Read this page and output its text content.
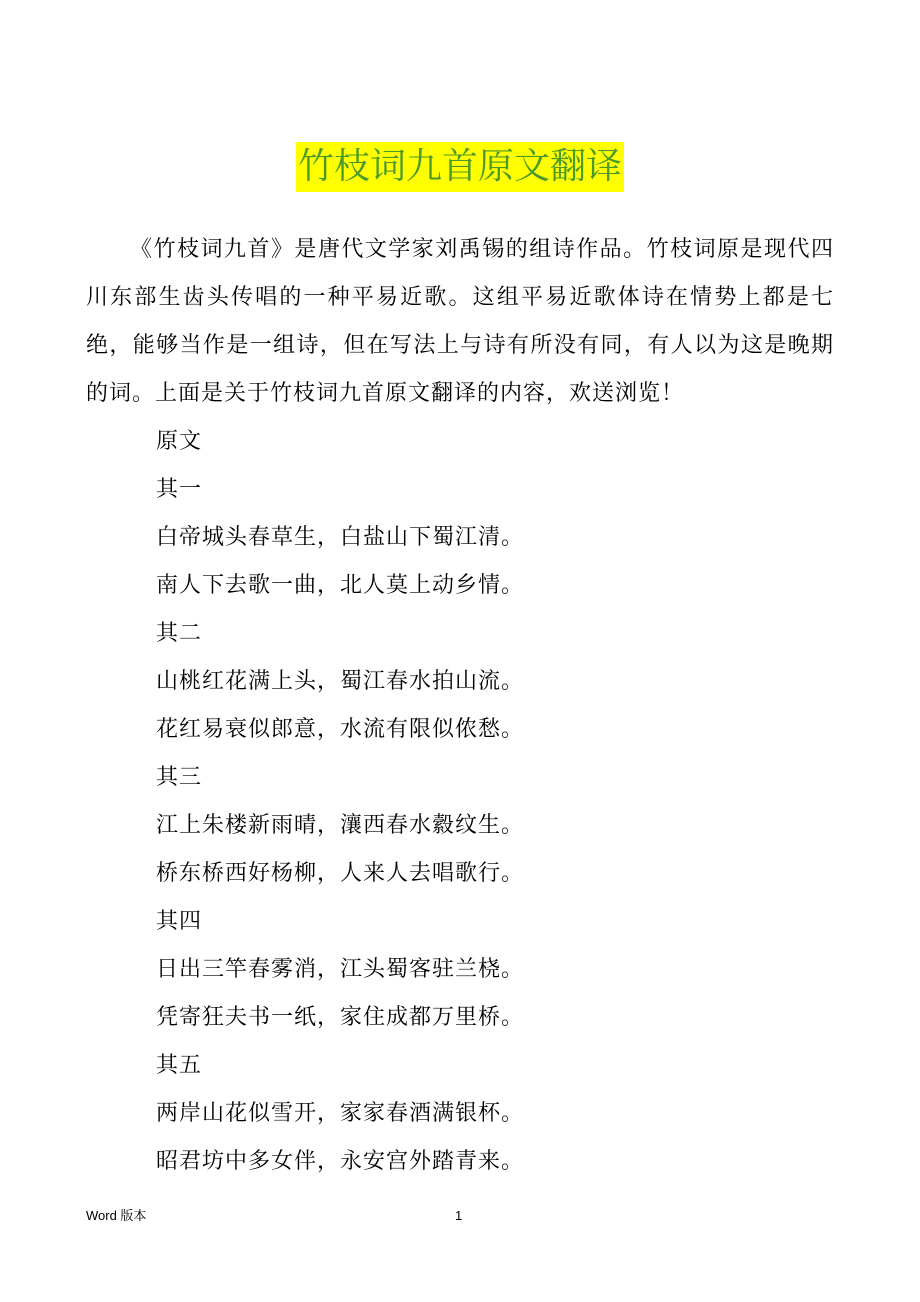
竹枝词九首原文翻译

《竹枝词九首》是唐代文学家刘禹锡的组诗作品。竹枝词原是现代四川东部生齿头传唱的一种平易近歌。这组平易近歌体诗在情势上都是七绝，能够当作是一组诗，但在写法上与诗有所没有同，有人以为这是晚期的词。上面是关于竹枝词九首原文翻译的内容，欢送浏览！

原文

其一

白帝城头春草生，白盐山下蜀江清。

南人下去歌一曲，北人莫上动乡情。

其二

山桃红花满上头，蜀江春水拍山流。

花红易衰似郎意，水流有限似侬愁。

其三

江上朱楼新雨晴，瀼西春水縠纹生。

桥东桥西好杨柳，人来人去唱歌行。

其四

日出三竿春雾消，江头蜀客驻兰桡。

凭寄狂夫书一纸，家住成都万里桥。

其五

两岸山花似雪开，家家春酒满银杯。

昭君坊中多女伴，永安宫外踏青来。

Word 版本	1
